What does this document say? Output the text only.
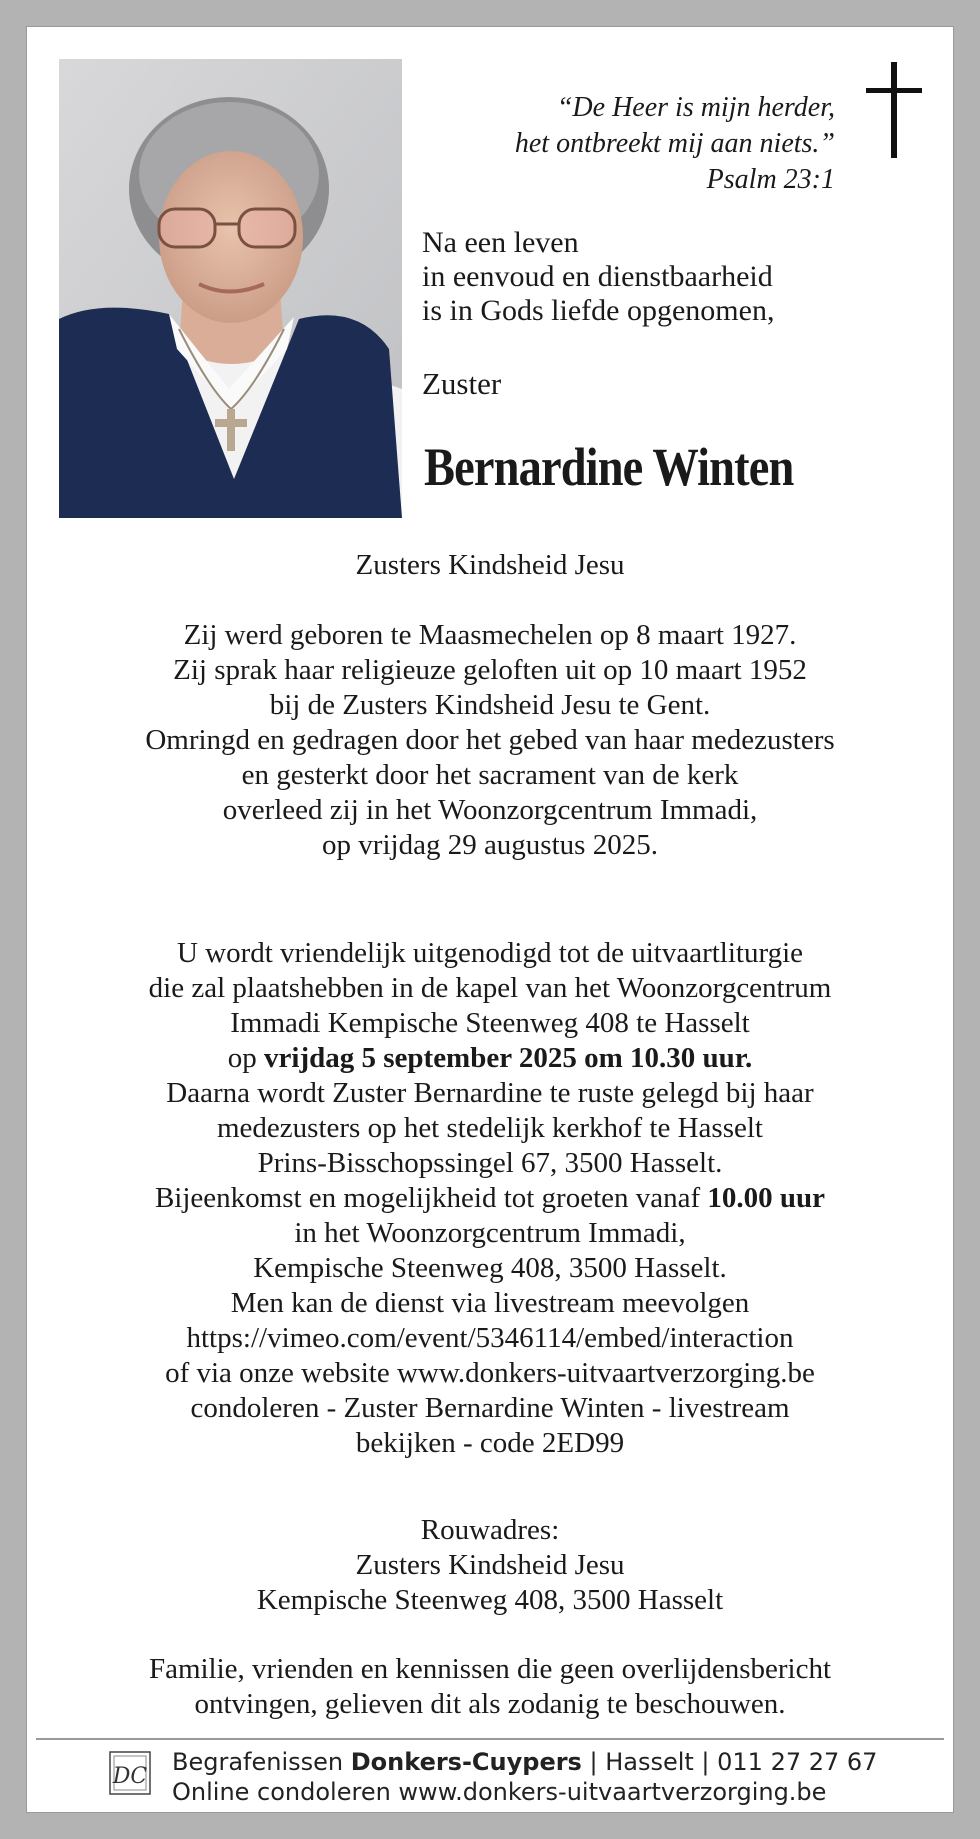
“De Heer is mijn herder,
het ontbreekt mij aan niets.”
Psalm 23:1
Na een leven
in eenvoud en dienstbaarheid
is in Gods liefde opgenomen,
Zuster
Bernardine Winten
Zusters Kindsheid Jesu
Zij werd geboren te Maasmechelen op 8 maart 1927.
Zij sprak haar religieuze geloften uit op 10 maart 1952
bij de Zusters Kindsheid Jesu te Gent.
Omringd en gedragen door het gebed van haar medezusters
en gesterkt door het sacrament van de kerk
overleed zij in het Woonzorgcentrum Immadi,
op vrijdag 29 augustus 2025.
U wordt vriendelijk uitgenodigd tot de uitvaartliturgie
die zal plaatshebben in de kapel van het Woonzorgcentrum
Immadi Kempische Steenweg 408 te Hasselt
op vrijdag 5 september 2025 om 10.30 uur.
Daarna wordt Zuster Bernardine te ruste gelegd bij haar
medezusters op het stedelijk kerkhof te Hasselt
Prins-Bisschopssingel 67, 3500 Hasselt.
Bijeenkomst en mogelijkheid tot groeten vanaf 10.00 uur
in het Woonzorgcentrum Immadi,
Kempische Steenweg 408, 3500 Hasselt.
Men kan de dienst via livestream meevolgen
https://vimeo.com/event/5346114/embed/interaction
of via onze website www.donkers-uitvaartverzorging.be
condoleren - Zuster Bernardine Winten - livestream
bekijken - code 2ED99
Rouwadres:
Zusters Kindsheid Jesu
Kempische Steenweg 408, 3500 Hasselt
Familie, vrienden en kennissen die geen overlijdensbericht
ontvingen, gelieven dit als zodanig te beschouwen.
DC
Begrafenissen Donkers-Cuypers | Hasselt | 011 27 27 67
Online condoleren www.donkers-uitvaartverzorging.be
